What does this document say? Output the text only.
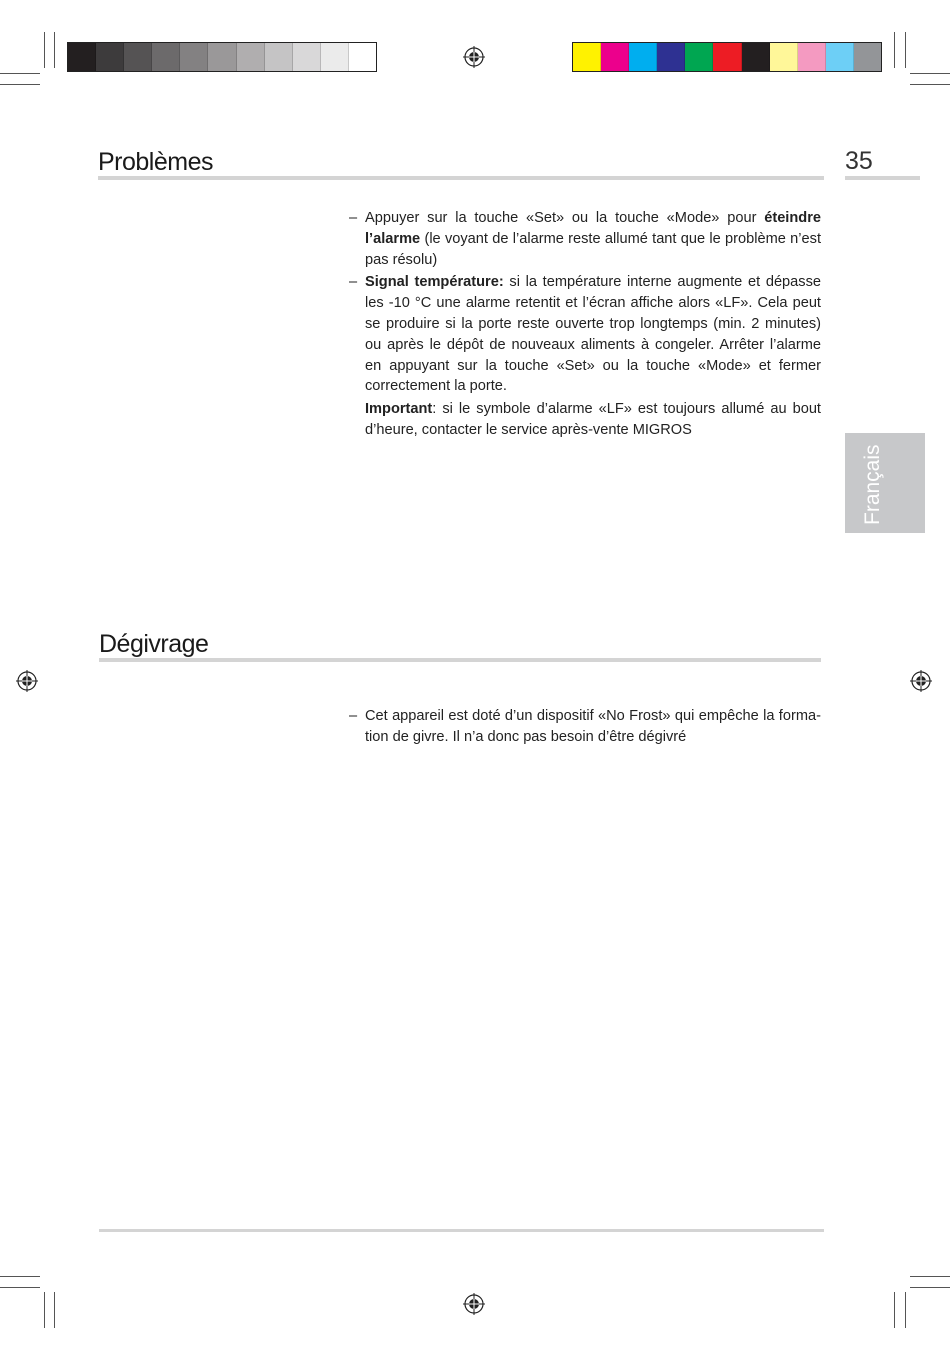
Problèmes	35
– Appuyer sur la touche «Set» ou la touche «Mode» pour éteindre l’alarme (le voyant de l’alarme reste allumé tant que le problème n’est pas résolu)
– Signal température: si la température interne augmente et dépasse les -10 °C une alarme retentit et l’écran affiche alors «LF». Cela peut se produire si la porte reste ouverte trop longtemps (min. 2 minutes) ou après le dépôt de nouveaux aliments à congeler. Arrêter l’alarme en appuyant sur la touche «Set» ou la touche «Mode» et fermer correctement la porte.
Important: si le symbole d’alarme «LF» est toujours allumé au bout d’heure, contacter le service après-vente MIGROS
Français
Dégivrage
– Cet appareil est doté d’un dispositif «No Frost» qui empêche la formation de givre. Il n’a donc pas besoin d’être dégivré
